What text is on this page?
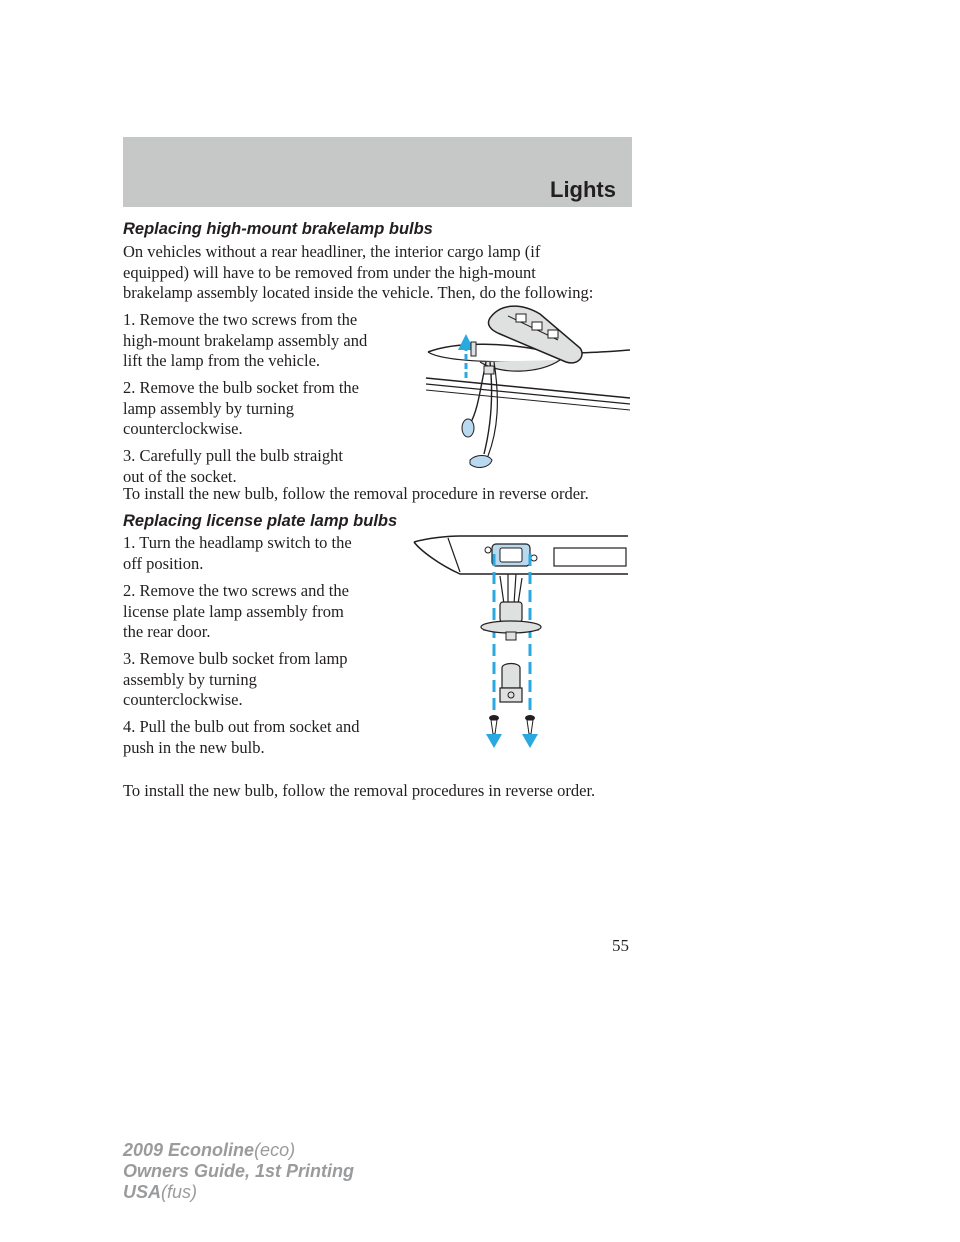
Lights
Replacing high-mount brakelamp bulbs

On vehicles without a rear headliner, the interior cargo lamp (if

equipped) will have to be removed from under the high-mount

brakelamp assembly located inside the vehicle. Then, do the following:

1. Remove the two screws from the

high-mount brakelamp assembly and

lift the lamp from the vehicle.

2. Remove the bulb socket from the

lamp assembly by turning

counterclockwise.

3. Carefully pull the bulb straight

out of the socket.

To install the new bulb, follow the removal procedure in reverse order.

Replacing license plate lamp bulbs

1. Turn the headlamp switch to the

off position.

2. Remove the two screws and the

license plate lamp assembly from

the rear door.

3. Remove bulb socket from lamp

assembly by turning

counterclockwise.

4. Pull the bulb out from socket and

push in the new bulb.

To install the new bulb, follow the removal procedures in reverse order.

55
2009 Econoline(eco)
Owners Guide, 1st Printing
USA(fus)
